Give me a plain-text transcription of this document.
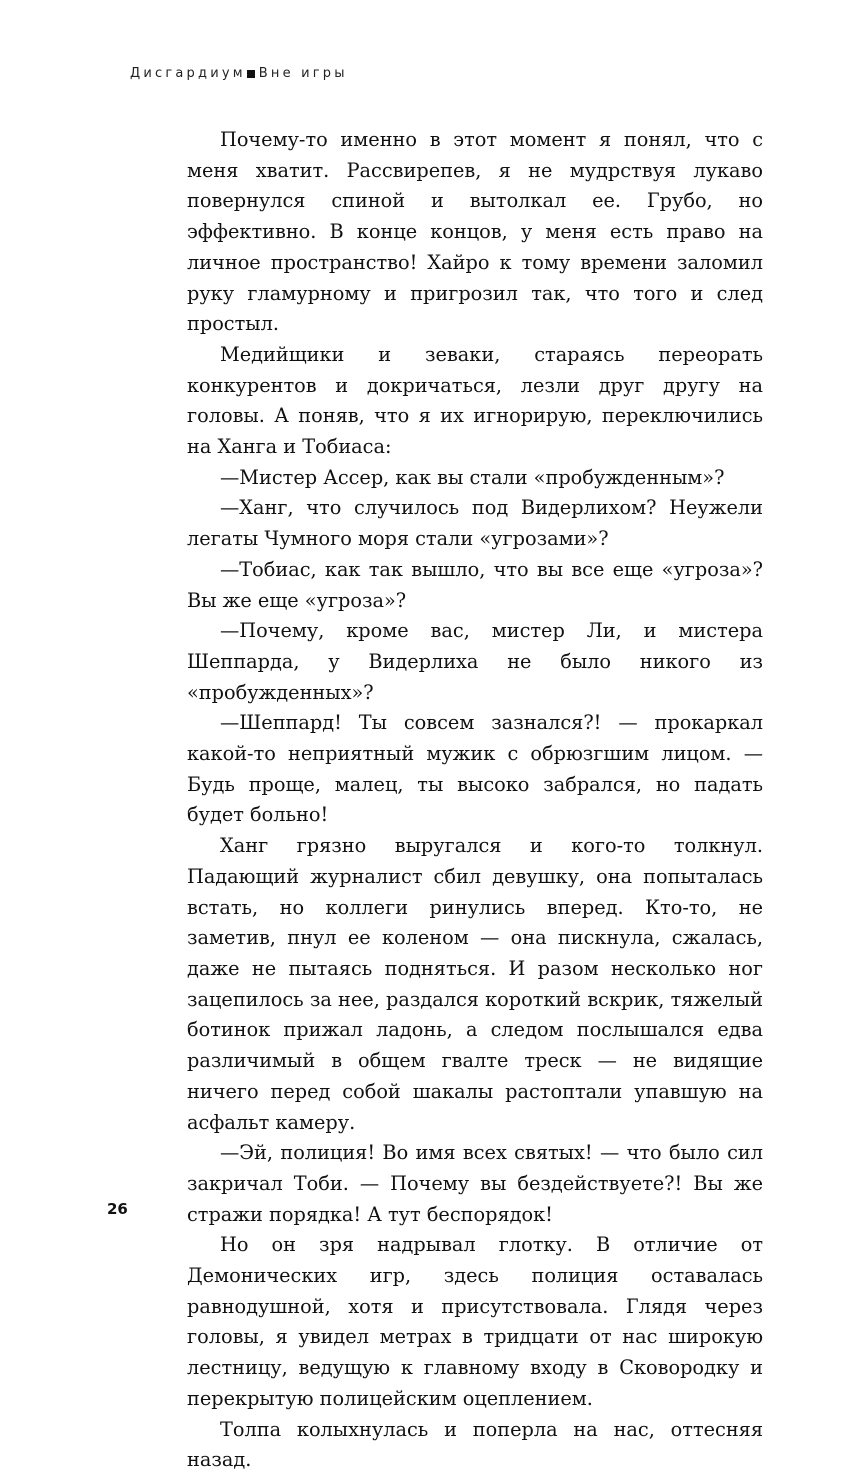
Дисгардиум Вне игры

Почему-то именно в этот момент я понял, что с меня хватит. Рассвирепев, я не мудрствуя лукаво повернулся спиной и вытолкал ее. Грубо, но эффективно. В конце концов, у меня есть право на личное пространство! Хайро к тому времени заломил руку гламурному и пригрозил так, что того и след простыл.

Медийщики и зеваки, стараясь переорать конкурентов и докричаться, лезли друг другу на головы. А поняв, что я их игнорирую, переключились на Ханга и Тобиаса:

—Мистер Ассер, как вы стали «пробужденным»?

—Ханг, что случилось под Видерлихом? Неужели легаты Чумного моря стали «угрозами»?

—Тобиас, как так вышло, что вы все еще «угроза»? Вы же еще «угроза»?

—Почему, кроме вас, мистер Ли, и мистера Шеппарда, у Видерлиха не было никого из «пробужденных»?

—Шеппард! Ты совсем зазнался?! — прокаркал какой-то неприятный мужик с обрюзгшим лицом. — Будь проще, малец, ты высоко забрался, но падать будет больно!

Ханг грязно выругался и кого-то толкнул. Падающий журналист сбил девушку, она попыталась встать, но коллеги ринулись вперед. Кто-то, не заметив, пнул ее коленом — она пискнула, сжалась, даже не пытаясь подняться. И разом несколько ног зацепилось за нее, раздался короткий вскрик, тяжелый ботинок прижал ладонь, а следом послышался едва различимый в общем гвалте треск — не видящие ничего перед собой шакалы растоптали упавшую на асфальт камеру.

—Эй, полиция! Во имя всех святых! — что было сил закричал Тоби. — Почему вы бездействуете?! Вы же стражи порядка! А тут беспорядок!

Но он зря надрывал глотку. В отличие от Демонических игр, здесь полиция оставалась равнодушной, хотя и присутствовала. Глядя через головы, я увидел метрах в тридцати от нас широкую лестницу, ведущую к главному входу в Сковородку и перекрытую полицейским оцеплением.

Толпа колыхнулась и поперла на нас, оттесняя назад.

26
